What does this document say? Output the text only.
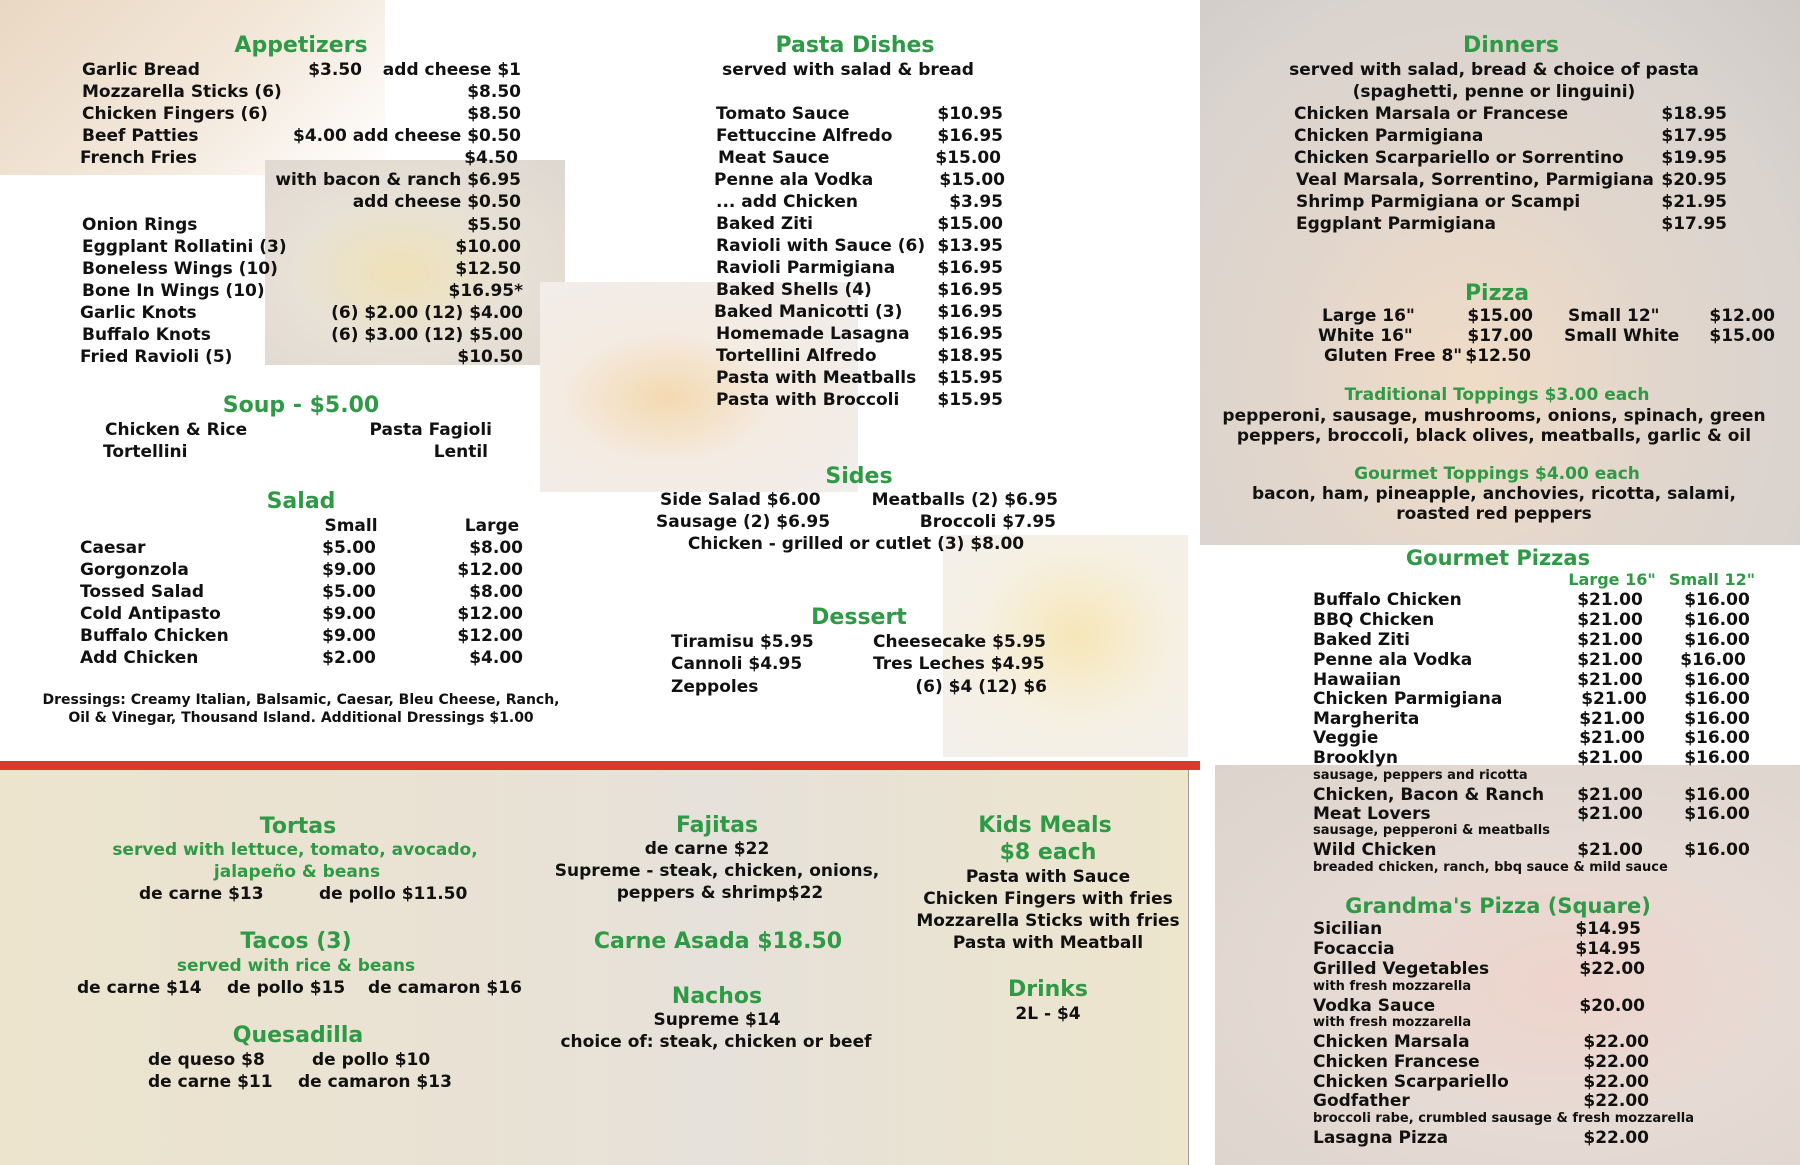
Appetizers
Garlic Bread	$3.50 add cheese $1
Mozzarella Sticks (6)	$8.50
Chicken Fingers (6)	$8.50
Beef Patties	$4.00 add cheese $0.50
French Fries	$4.50
with bacon & ranch $6.95
add cheese $0.50
Onion Rings	$5.50
Eggplant Rollatini (3)	$10.00
Boneless Wings (10)	$12.50
Bone In Wings (10)	$16.95*
Garlic Knots	(6) $2.00 (12) $4.00
Buffalo Knots	(6) $3.00 (12) $5.00
Fried Ravioli (5)	$10.50
Soup - $5.00
Chicken & Rice	Pasta Fagioli
Tortellini	Lentil
Salad
Small	Large
Caesar	$5.00	$8.00
Gorgonzola	$9.00	$12.00
Tossed Salad	$5.00	$8.00
Cold Antipasto	$9.00	$12.00
Buffalo Chicken	$9.00	$12.00
Add Chicken	$2.00	$4.00
Dressings: Creamy Italian, Balsamic, Caesar, Bleu Cheese, Ranch,
Oil & Vinegar, Thousand Island. Additional Dressings $1.00
Pasta Dishes
served with salad & bread
Tomato Sauce	$10.95
Fettuccine Alfredo	$16.95
Meat Sauce	$15.00
Penne ala Vodka	$15.00
... add Chicken	$3.95
Baked Ziti	$15.00
Ravioli with Sauce (6) $13.95
Ravioli Parmigiana $16.95
Baked Shells (4)	$16.95
Baked Manicotti (3) $16.95
Homemade Lasagna $16.95
Tortellini Alfredo	$18.95
Pasta with Meatballs $15.95
Pasta with Broccoli $15.95
Sides
Side Salad $6.00	Meatballs (2) $6.95
Sausage (2) $6.95	Broccoli $7.95
Chicken - grilled or cutlet (3) $8.00
Dessert
Tiramisu $5.95	Cheesecake $5.95
Cannoli $4.95	Tres Leches $4.95
Zeppoles	(6) $4 (12) $6
Dinners
served with salad, bread & choice of pasta
(spaghetti, penne or linguini)
Chicken Marsala or Francese	$18.95
Chicken Parmigiana	$17.95
Chicken Scarpariello or Sorrentino $19.95
Veal Marsala, Sorrentino, Parmigiana $20.95
Shrimp Parmigiana or Scampi	$21.95
Eggplant Parmigiana	$17.95
Pizza
Large 16"	$15.00 Small 12"	$12.00
White 16"	$17.00 Small White $15.00
Gluten Free 8" $12.50
Traditional Toppings $3.00 each
pepperoni, sausage, mushrooms, onions, spinach, green
peppers, broccoli, black olives, meatballs, garlic & oil
Gourmet Toppings $4.00 each
bacon, ham, pineapple, anchovies, ricotta, salami,
roasted red peppers
Gourmet Pizzas
Large 16" Small 12"
Buffalo Chicken	$21.00 $16.00
BBQ Chicken	$21.00 $16.00
Baked Ziti	$21.00 $16.00
Penne ala Vodka	$21.00 $16.00
Hawaiian	$21.00 $16.00
Chicken Parmigiana	$21.00 $16.00
Margherita	$21.00 $16.00
Veggie	$21.00 $16.00
Brooklyn	$21.00 $16.00
sausage, peppers and ricotta
Chicken, Bacon & Ranch $21.00 $16.00
Meat Lovers	$21.00 $16.00
sausage, pepperoni & meatballs
Wild Chicken	$21.00 $16.00
breaded chicken, ranch, bbq sauce & mild sauce
Grandma's Pizza (Square)
Sicilian	$14.95
Focaccia	$14.95
Grilled Vegetables	$22.00
with fresh mozzarella
Vodka Sauce	$20.00
with fresh mozzarella
Chicken Marsala	$22.00
Chicken Francese	$22.00
Chicken Scarpariello	$22.00
Godfather	$22.00
broccoli rabe, crumbled sausage & fresh mozzarella
Lasagna Pizza	$22.00
Tortas
served with lettuce, tomato, avocado,
jalapeño & beans
de carne $13	de pollo $11.50
Tacos (3)
served with rice & beans
de carne $14 de pollo $15 de camaron $16
Quesadilla
de queso $8	de pollo $10
de carne $11 de camaron $13
Fajitas
de carne $22
Supreme - steak, chicken, onions,
peppers & shrimp$22
Carne Asada $18.50
Nachos
Supreme $14
choice of: steak, chicken or beef
Kids Meals
$8 each
Pasta with Sauce
Chicken Fingers with fries
Mozzarella Sticks with fries
Pasta with Meatball
Drinks
2L - $4
